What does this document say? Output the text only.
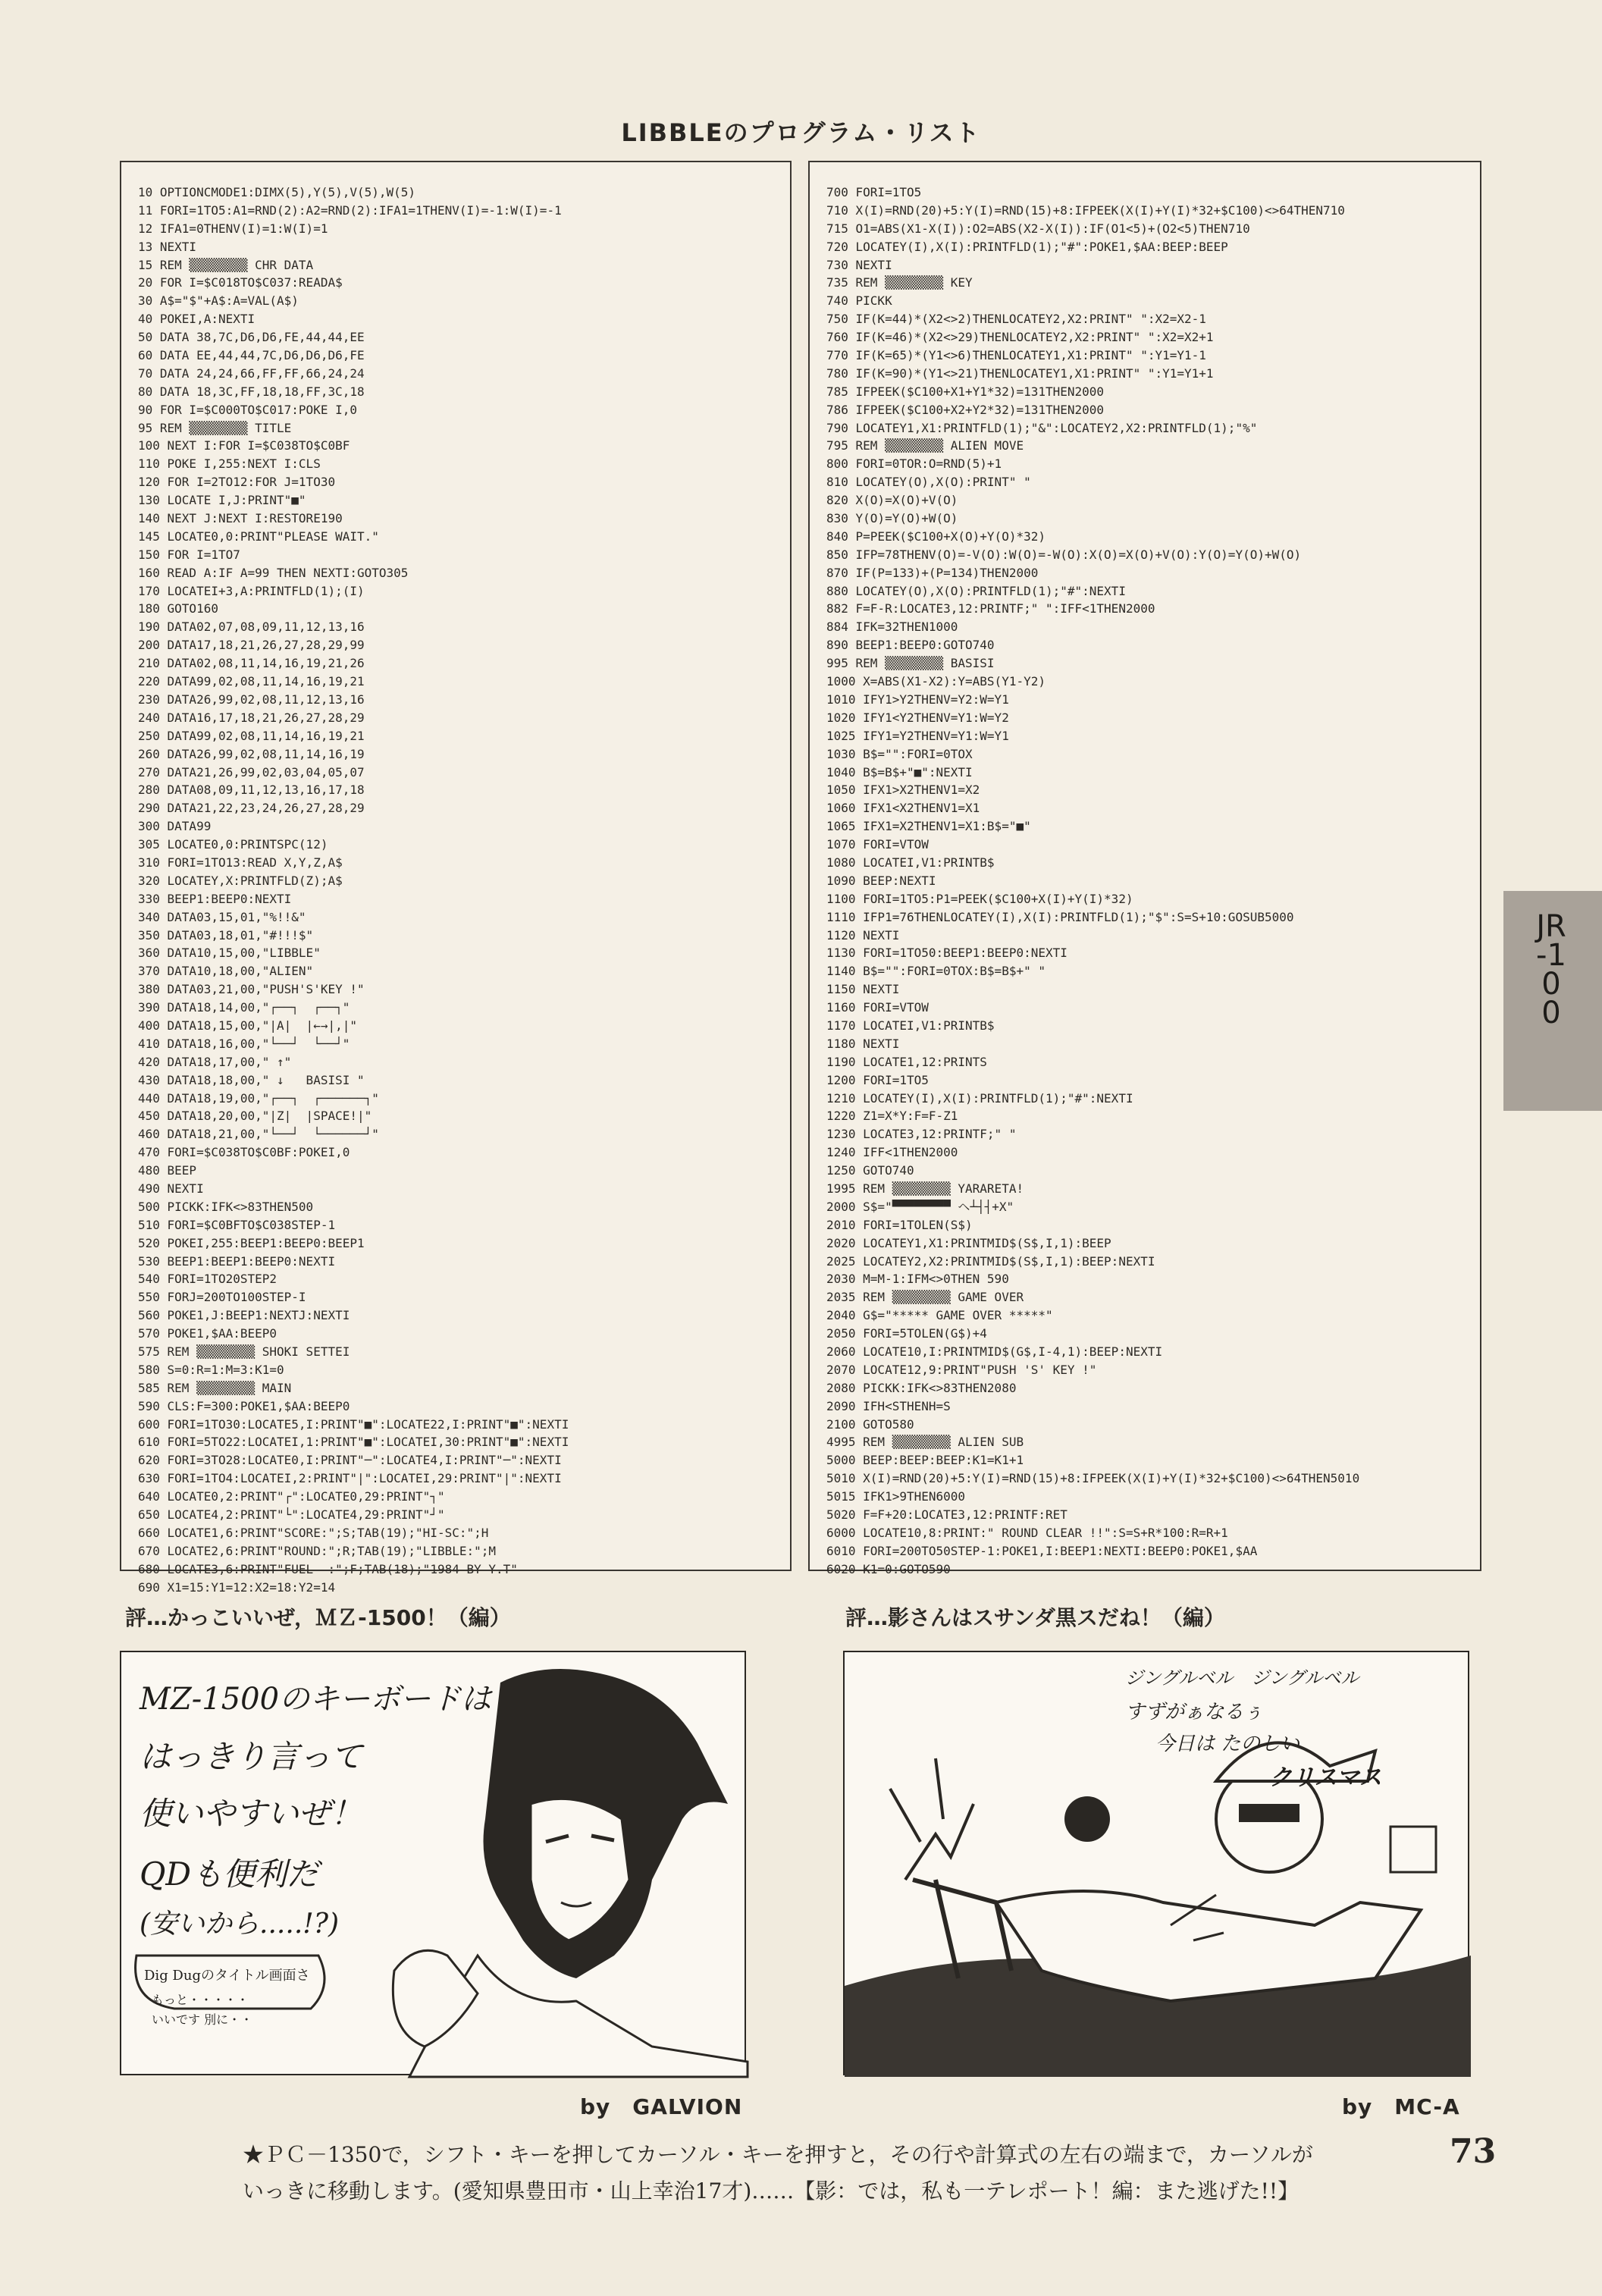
LIBBLEのプログラム・リスト
10 OPTIONCMODE1:DIMX(5),Y(5),V(5),W(5)
11 FORI=1TO5:A1=RND(2):A2=RND(2):IFA1=1THENV(I)=-1:W(I)=-1
12 IFA1=0THENV(I)=1:W(I)=1
13 NEXTI
15 REM ▒▒▒▒▒▒▒▒ CHR DATA
20 FOR I=$C018TO$C037:READA$
30 A$="$"+A$:A=VAL(A$)
40 POKEI,A:NEXTI
50 DATA 38,7C,D6,D6,FE,44,44,EE
60 DATA EE,44,44,7C,D6,D6,D6,FE
70 DATA 24,24,66,FF,FF,66,24,24
80 DATA 18,3C,FF,18,18,FF,3C,18
90 FOR I=$C000TO$C017:POKE I,0
95 REM ▒▒▒▒▒▒▒▒ TITLE
100 NEXT I:FOR I=$C038TO$C0BF
110 POKE I,255:NEXT I:CLS
120 FOR I=2TO12:FOR J=1TO30
130 LOCATE I,J:PRINT"■"
140 NEXT J:NEXT I:RESTORE190
145 LOCATE0,0:PRINT"PLEASE WAIT."
150 FOR I=1TO7
160 READ A:IF A=99 THEN NEXTI:GOTO305
170 LOCATEI+3,A:PRINTFLD(1);(I)
180 GOTO160
190 DATA02,07,08,09,11,12,13,16
200 DATA17,18,21,26,27,28,29,99
210 DATA02,08,11,14,16,19,21,26
220 DATA99,02,08,11,14,16,19,21
230 DATA26,99,02,08,11,12,13,16
240 DATA16,17,18,21,26,27,28,29
250 DATA99,02,08,11,14,16,19,21
260 DATA26,99,02,08,11,14,16,19
270 DATA21,26,99,02,03,04,05,07
280 DATA08,09,11,12,13,16,17,18
290 DATA21,22,23,24,26,27,28,29
300 DATA99
305 LOCATE0,0:PRINTSPC(12)
310 FORI=1TO13:READ X,Y,Z,A$
320 LOCATEY,X:PRINTFLD(Z);A$
330 BEEP1:BEEP0:NEXTI
340 DATA03,15,01,"%!!&"
350 DATA03,18,01,"#!!!$"
360 DATA10,15,00,"LIBBLE"
370 DATA10,18,00,"ALIEN"
380 DATA03,21,00,"PUSH'S'KEY !"
390 DATA18,14,00,"┌──┐  ┌──┐"
400 DATA18,15,00,"|A|  |←→|,|"
410 DATA18,16,00,"└──┘  └──┘"
420 DATA18,17,00," ↑"
430 DATA18,18,00," ↓   BASISI "
440 DATA18,19,00,"┌──┐  ┌──────┐"
450 DATA18,20,00,"|Z|  |SPACE!|"
460 DATA18,21,00,"└──┘  └──────┘"
470 FORI=$C038TO$C0BF:POKEI,0
480 BEEP
490 NEXTI
500 PICKK:IFK<>83THEN500
510 FORI=$C0BFTO$C038STEP-1
520 POKEI,255:BEEP1:BEEP0:BEEP1
530 BEEP1:BEEP1:BEEP0:NEXTI
540 FORI=1TO20STEP2
550 FORJ=200TO100STEP-I
560 POKE1,J:BEEP1:NEXTJ:NEXTI
570 POKE1,$AA:BEEP0
575 REM ▒▒▒▒▒▒▒▒ SHOKI SETTEI
580 S=0:R=1:M=3:K1=0
585 REM ▒▒▒▒▒▒▒▒ MAIN
590 CLS:F=300:POKE1,$AA:BEEP0
600 FORI=1TO30:LOCATE5,I:PRINT"■":LOCATE22,I:PRINT"■":NEXTI
610 FORI=5TO22:LOCATEI,1:PRINT"■":LOCATEI,30:PRINT"■":NEXTI
620 FORI=3TO28:LOCATE0,I:PRINT"─":LOCATE4,I:PRINT"─":NEXTI
630 FORI=1TO4:LOCATEI,2:PRINT"|":LOCATEI,29:PRINT"|":NEXTI
640 LOCATE0,2:PRINT"┌":LOCATE0,29:PRINT"┐"
650 LOCATE4,2:PRINT"└":LOCATE4,29:PRINT"┘"
660 LOCATE1,6:PRINT"SCORE:";S;TAB(19);"HI-SC:";H
670 LOCATE2,6:PRINT"ROUND:";R;TAB(19);"LIBBLE:";M
680 LOCATE3,6:PRINT"FUEL  :";F;TAB(18);"1984 BY Y.T"
690 X1=15:Y1=12:X2=18:Y2=14
700 FORI=1TO5
710 X(I)=RND(20)+5:Y(I)=RND(15)+8:IFPEEK(X(I)+Y(I)*32+$C100)<>64THEN710
715 O1=ABS(X1-X(I)):O2=ABS(X2-X(I)):IF(O1<5)+(O2<5)THEN710
720 LOCATEY(I),X(I):PRINTFLD(1);"#":POKE1,$AA:BEEP:BEEP
730 NEXTI
735 REM ▒▒▒▒▒▒▒▒ KEY
740 PICKK
750 IF(K=44)*(X2<>2)THENLOCATEY2,X2:PRINT" ":X2=X2-1
760 IF(K=46)*(X2<>29)THENLOCATEY2,X2:PRINT" ":X2=X2+1
770 IF(K=65)*(Y1<>6)THENLOCATEY1,X1:PRINT" ":Y1=Y1-1
780 IF(K=90)*(Y1<>21)THENLOCATEY1,X1:PRINT" ":Y1=Y1+1
785 IFPEEK($C100+X1+Y1*32)=131THEN2000
786 IFPEEK($C100+X2+Y2*32)=131THEN2000
790 LOCATEY1,X1:PRINTFLD(1);"&":LOCATEY2,X2:PRINTFLD(1);"%"
795 REM ▒▒▒▒▒▒▒▒ ALIEN MOVE
800 FORI=0TOR:O=RND(5)+1
810 LOCATEY(O),X(O):PRINT" "
820 X(O)=X(O)+V(O)
830 Y(O)=Y(O)+W(O)
840 P=PEEK($C100+X(O)+Y(O)*32)
850 IFP=78THENV(O)=-V(O):W(O)=-W(O):X(O)=X(O)+V(O):Y(O)=Y(O)+W(O)
870 IF(P=133)+(P=134)THEN2000
880 LOCATEY(O),X(O):PRINTFLD(1);"#":NEXTI
882 F=F-R:LOCATE3,12:PRINTF;" ":IFF<1THEN2000
884 IFK=32THEN1000
890 BEEP1:BEEP0:GOTO740
995 REM ▒▒▒▒▒▒▒▒ BASISI
1000 X=ABS(X1-X2):Y=ABS(Y1-Y2)
1010 IFY1>Y2THENV=Y2:W=Y1
1020 IFY1<Y2THENV=Y1:W=Y2
1025 IFY1=Y2THENV=Y1:W=Y1
1030 B$="":FORI=0TOX
1040 B$=B$+"■":NEXTI
1050 IFX1>X2THENV1=X2
1060 IFX1<X2THENV1=X1
1065 IFX1=X2THENV1=X1:B$="■"
1070 FORI=VTOW
1080 LOCATEI,V1:PRINTB$
1090 BEEP:NEXTI
1100 FORI=1TO5:P1=PEEK($C100+X(I)+Y(I)*32)
1110 IFP1=76THENLOCATEY(I),X(I):PRINTFLD(1);"$":S=S+10:GOSUB5000
1120 NEXTI
1130 FORI=1TO50:BEEP1:BEEP0:NEXTI
1140 B$="":FORI=0TOX:B$=B$+" "
1150 NEXTI
1160 FORI=VTOW
1170 LOCATEI,V1:PRINTB$
1180 NEXTI
1190 LOCATE1,12:PRINTS
1200 FORI=1TO5
1210 LOCATEY(I),X(I):PRINTFLD(1);"#":NEXTI
1220 Z1=X*Y:F=F-Z1
1230 LOCATE3,12:PRINTF;" "
1240 IFF<1THEN2000
1250 GOTO740
1995 REM ▒▒▒▒▒▒▒▒ YARARETA!
2000 S$="▀▀▀▀▀▀▀▀ ヘ┴┤┤+X"
2010 FORI=1TOLEN(S$)
2020 LOCATEY1,X1:PRINTMID$(S$,I,1):BEEP
2025 LOCATEY2,X2:PRINTMID$(S$,I,1):BEEP:NEXTI
2030 M=M-1:IFM<>0THEN 590
2035 REM ▒▒▒▒▒▒▒▒ GAME OVER
2040 G$="***** GAME OVER *****"
2050 FORI=5TOLEN(G$)+4
2060 LOCATE10,I:PRINTMID$(G$,I-4,1):BEEP:NEXTI
2070 LOCATE12,9:PRINT"PUSH 'S' KEY !"
2080 PICKK:IFK<>83THEN2080
2090 IFH<STHENH=S
2100 GOTO580
4995 REM ▒▒▒▒▒▒▒▒ ALIEN SUB
5000 BEEP:BEEP:BEEP:K1=K1+1
5010 X(I)=RND(20)+5:Y(I)=RND(15)+8:IFPEEK(X(I)+Y(I)*32+$C100)<>64THEN5010
5015 IFK1>9THEN6000
5020 F=F+20:LOCATE3,12:PRINTF:RET
6000 LOCATE10,8:PRINT:" ROUND CLEAR !!":S=S+R*100:R=R+1
6010 FORI=200TO50STEP-1:POKE1,I:BEEP1:NEXTI:BEEP0:POKE1,$AA
6020 K1=0:GOTO590
JR-100
評…かっこいいぜ，ＭＺ-1500！（編）	評…影さんはスサンダ黒スだね！（編）
MZ-1500のキーボードは
はっきり言って
使いやすいぜ！
QDも便利だ
(安いから.....!?)
Dig Dugのタイトル画面さ
もっと・・・・・
いいです 別に・・
ジングルベル　ジングルベル
すずがぁなるぅ
今日は たのしい
クリスマス
by　GALVION	by　MC-A
★ＰＣ－1350で，シフト・キーを押してカーソル・キーを押すと，その行や計算式の左右の端まで，カーソルが
いっきに移動します。(愛知県豊田市・山上幸治17才)……【影：では，私も一テレポート！編：また逃げた!!】
73
